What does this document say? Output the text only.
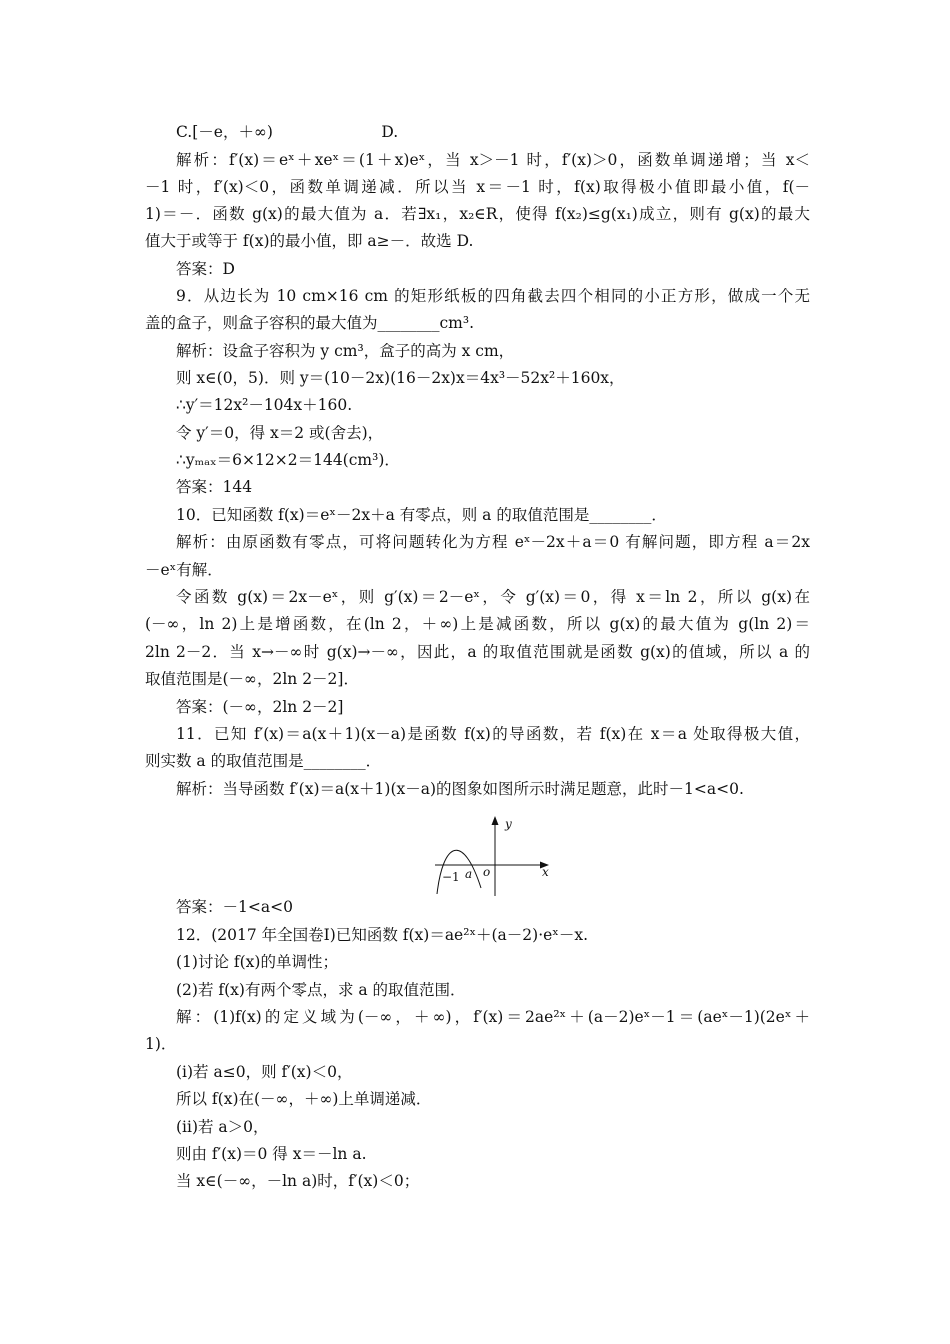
C.[－e，＋∞)　　　　　　　D.
解析：f′(x)＝eˣ＋xeˣ＝(1＋x)eˣ，当 x＞－1 时，f′(x)＞0，函数单调递增；当 x＜
－1 时，f′(x)＜0，函数单调递减．所以当 x＝－1 时，f(x)取得极小值即最小值，f(－
1)＝－．函数 g(x)的最大值为 a．若∃x₁，x₂∈R，使得 f(x₂)≤g(x₁)成立，则有 g(x)的最大
值大于或等于 f(x)的最小值，即 a≥－．故选 D.
答案：D
9．从边长为 10 cm×16 cm 的矩形纸板的四角截去四个相同的小正方形，做成一个无
盖的盒子，则盒子容积的最大值为________cm³.
解析：设盒子容积为 y cm³，盒子的高为 x cm，
则 x∈(0，5)．则 y＝(10－2x)(16－2x)x＝4x³－52x²＋160x，
∴y′＝12x²－104x＋160.
令 y′＝0，得 x＝2 或(舍去)，
∴yₘₐₓ＝6×12×2＝144(cm³)．
答案：144
10．已知函数 f(x)＝eˣ－2x＋a 有零点，则 a 的取值范围是________．
解析：由原函数有零点，可将问题转化为方程 eˣ－2x＋a＝0 有解问题，即方程 a＝2x
－eˣ有解．
令函数 g(x)＝2x－eˣ，则 g′(x)＝2－eˣ，令 g′(x)＝0，得 x＝ln 2，所以 g(x)在
(－∞，ln 2)上是增函数，在(ln 2，＋∞)上是减函数，所以 g(x)的最大值为 g(ln 2)＝
2ln 2－2．当 x→－∞时 g(x)→－∞，因此，a 的取值范围就是函数 g(x)的值域，所以 a 的
取值范围是(－∞，2ln 2－2]．
答案：(－∞，2ln 2－2]
11．已知 f′(x)＝a(x＋1)(x－a)是函数 f(x)的导函数，若 f(x)在 x＝a 处取得极大值，
则实数 a 的取值范围是________．
解析：当导函数 f′(x)＝a(x＋1)(x－a)的图象如图所示时满足题意，此时－1<a<0.
答案：－1<a<0
12．(2017 年全国卷Ⅰ)已知函数 f(x)＝ae²ˣ＋(a－2)·eˣ－x.
(1)讨论 f(x)的单调性；
(2)若 f(x)有两个零点，求 a 的取值范围．
解：(1)f(x)的定义域为(－∞，＋∞)，f′(x)＝2ae²ˣ＋(a－2)eˣ－1＝(aeˣ－1)(2eˣ＋
1)．
(ⅰ)若 a≤0，则 f′(x)＜0，
所以 f(x)在(－∞，＋∞)上单调递减．
(ⅱ)若 a＞0，
则由 f′(x)＝0 得 x＝－ln a.
当 x∈(－∞，－ln a)时，f′(x)＜0；
y
x
−1 a o
